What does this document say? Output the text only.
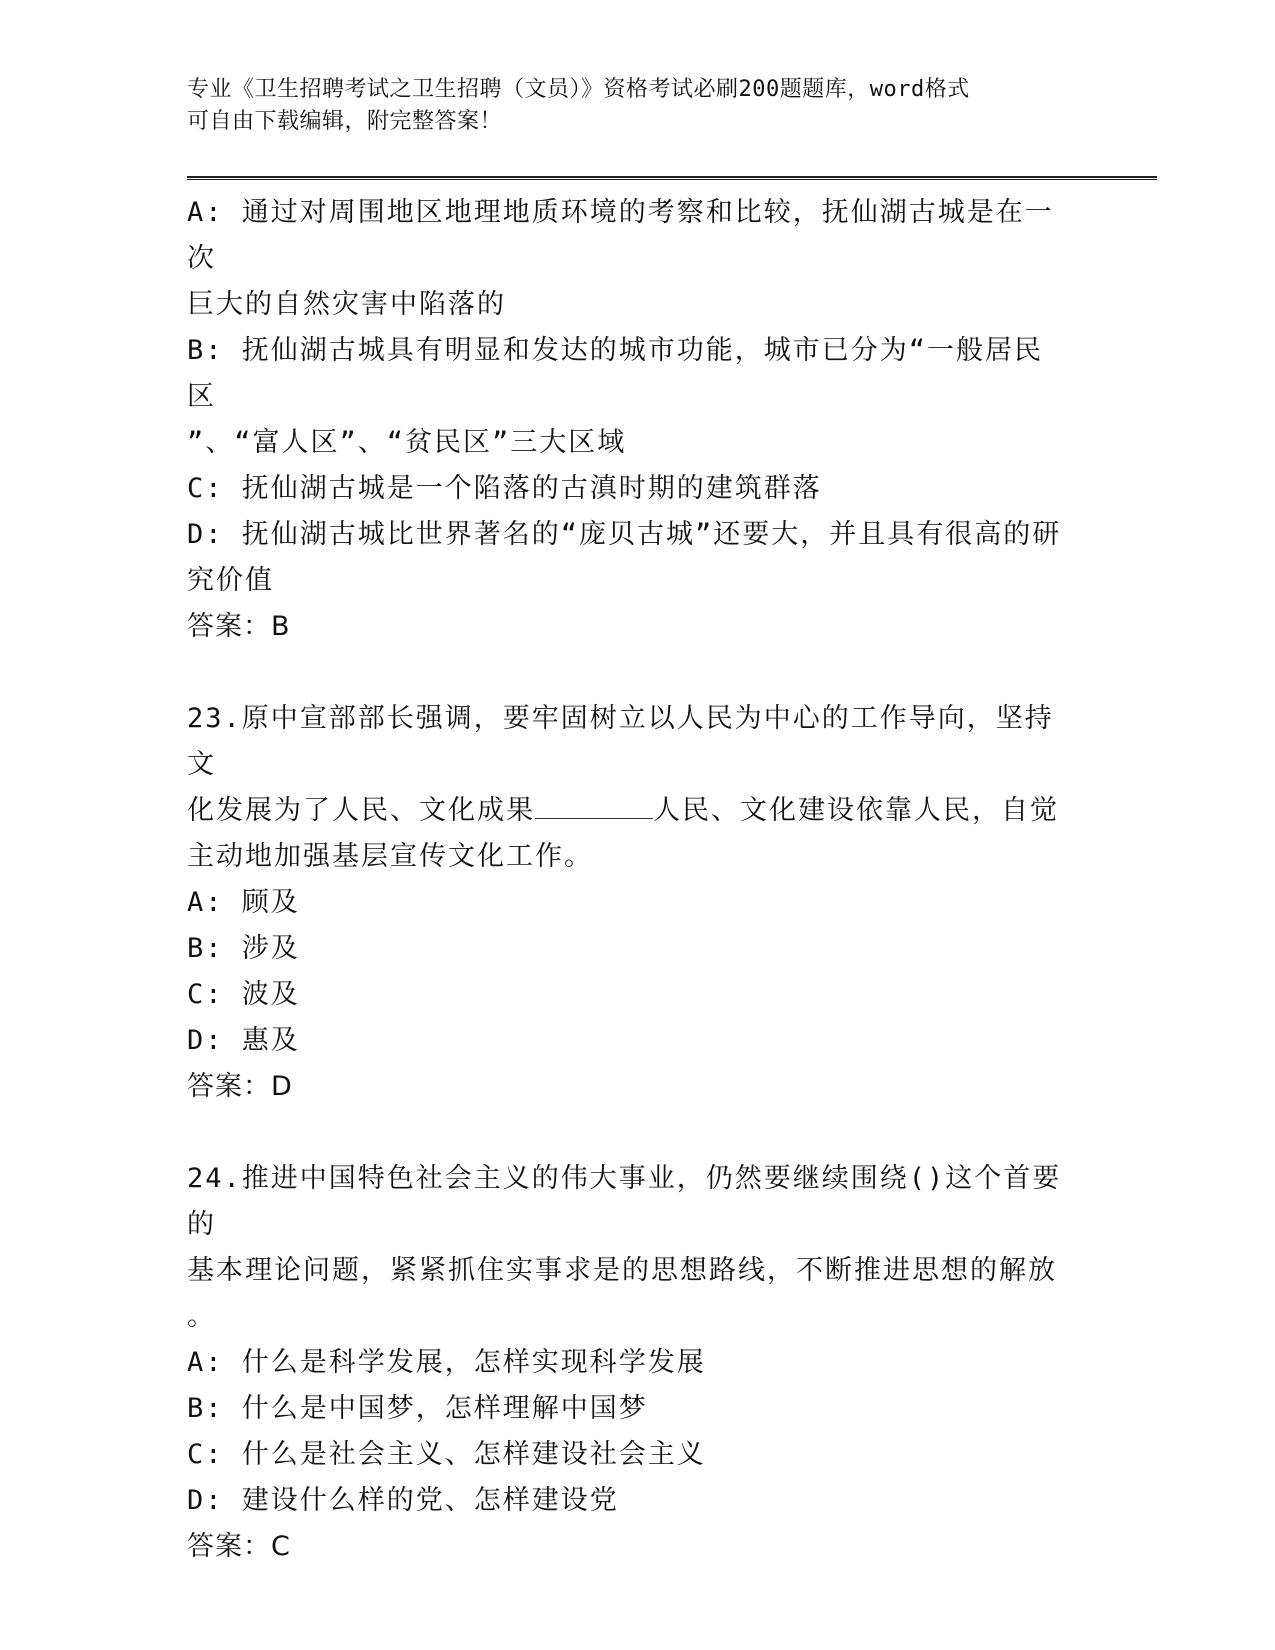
专业《卫生招聘考试之卫生招聘（文员）》资格考试必刷200题题库，word格式
可自由下载编辑，附完整答案！
A: 通过对周围地区地理地质环境的考察和比较，抚仙湖古城是在一次
巨大的自然灾害中陷落的
B: 抚仙湖古城具有明显和发达的城市功能，城市已分为“一般居民区
”、“富人区”、“贫民区”三大区域
C: 抚仙湖古城是一个陷落的古滇时期的建筑群落
D: 抚仙湖古城比世界著名的“庞贝古城”还要大，并且具有很高的研
究价值
答案：B
23.原中宣部部长强调，要牢固树立以人民为中心的工作导向，坚持文
化发展为了人民、文化成果	人民、文化建设依靠人民，自觉
主动地加强基层宣传文化工作。
A: 顾及
B: 涉及
C: 波及
D: 惠及
答案：D
24.推进中国特色社会主义的伟大事业，仍然要继续围绕()这个首要的
基本理论问题，紧紧抓住实事求是的思想路线，不断推进思想的解放
。
A: 什么是科学发展，怎样实现科学发展
B: 什么是中国梦，怎样理解中国梦
C: 什么是社会主义、怎样建设社会主义
D: 建设什么样的党、怎样建设党
答案：C
